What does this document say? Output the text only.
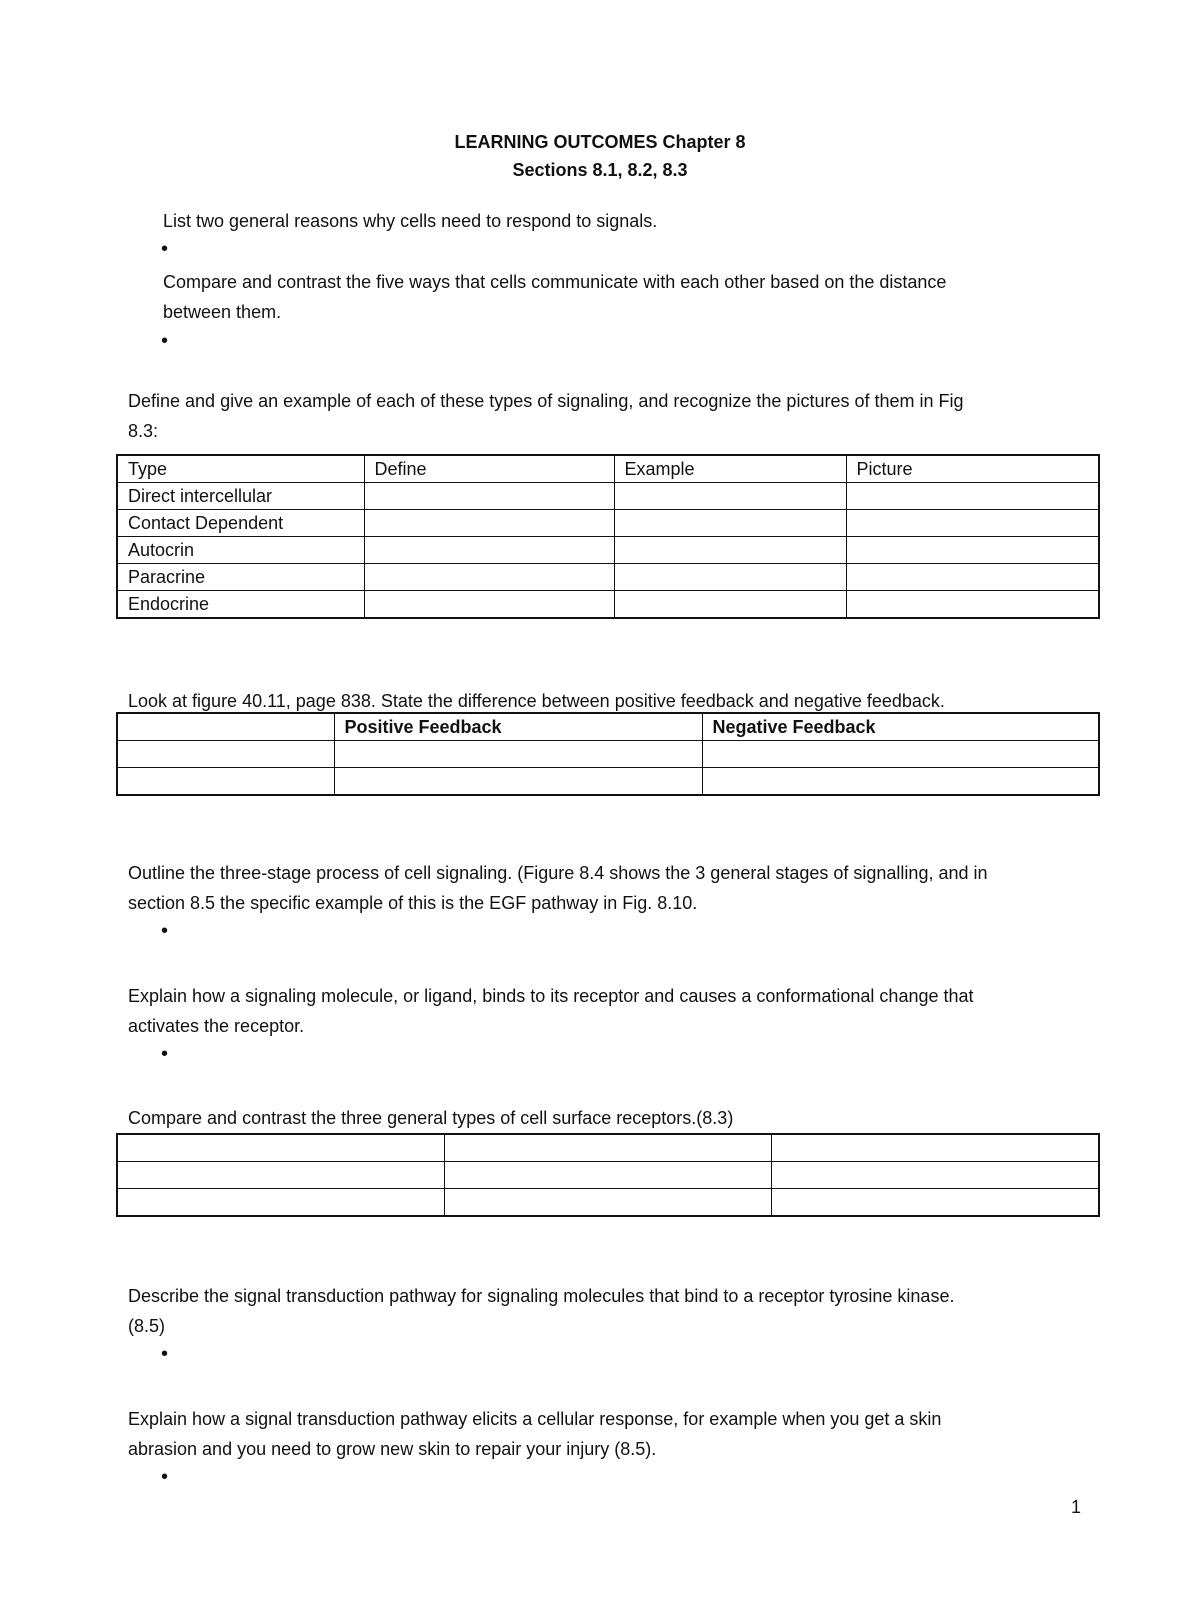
LEARNING OUTCOMES Chapter 8
Sections 8.1, 8.2, 8.3
List two general reasons why cells need to respond to signals.
•
Compare and contrast the five ways that cells communicate with each other based on the distance
between them.
•
Define and give an example of each of these types of signaling, and recognize the pictures of them in Fig
8.3:
Type	Define	Example	Picture
Direct intercellular			
Contact Dependent			
Autocrin			
Paracrine			
Endocrine			
Look at figure 40.11, page 838. State the difference between positive feedback and negative feedback.
	Positive Feedback	Negative Feedback

Outline the three-stage process of cell signaling. (Figure 8.4 shows the 3 general stages of signalling, and in
section 8.5 the specific example of this is the EGF pathway in Fig. 8.10.
•
Explain how a signaling molecule, or ligand, binds to its receptor and causes a conformational change that
activates the receptor.
•
Compare and contrast the three general types of cell surface receptors.(8.3)

Describe the signal transduction pathway for signaling molecules that bind to a receptor tyrosine kinase.
(8.5)
•
Explain how a signal transduction pathway elicits a cellular response, for example when you get a skin
abrasion and you need to grow new skin to repair your injury (8.5).
•
1
